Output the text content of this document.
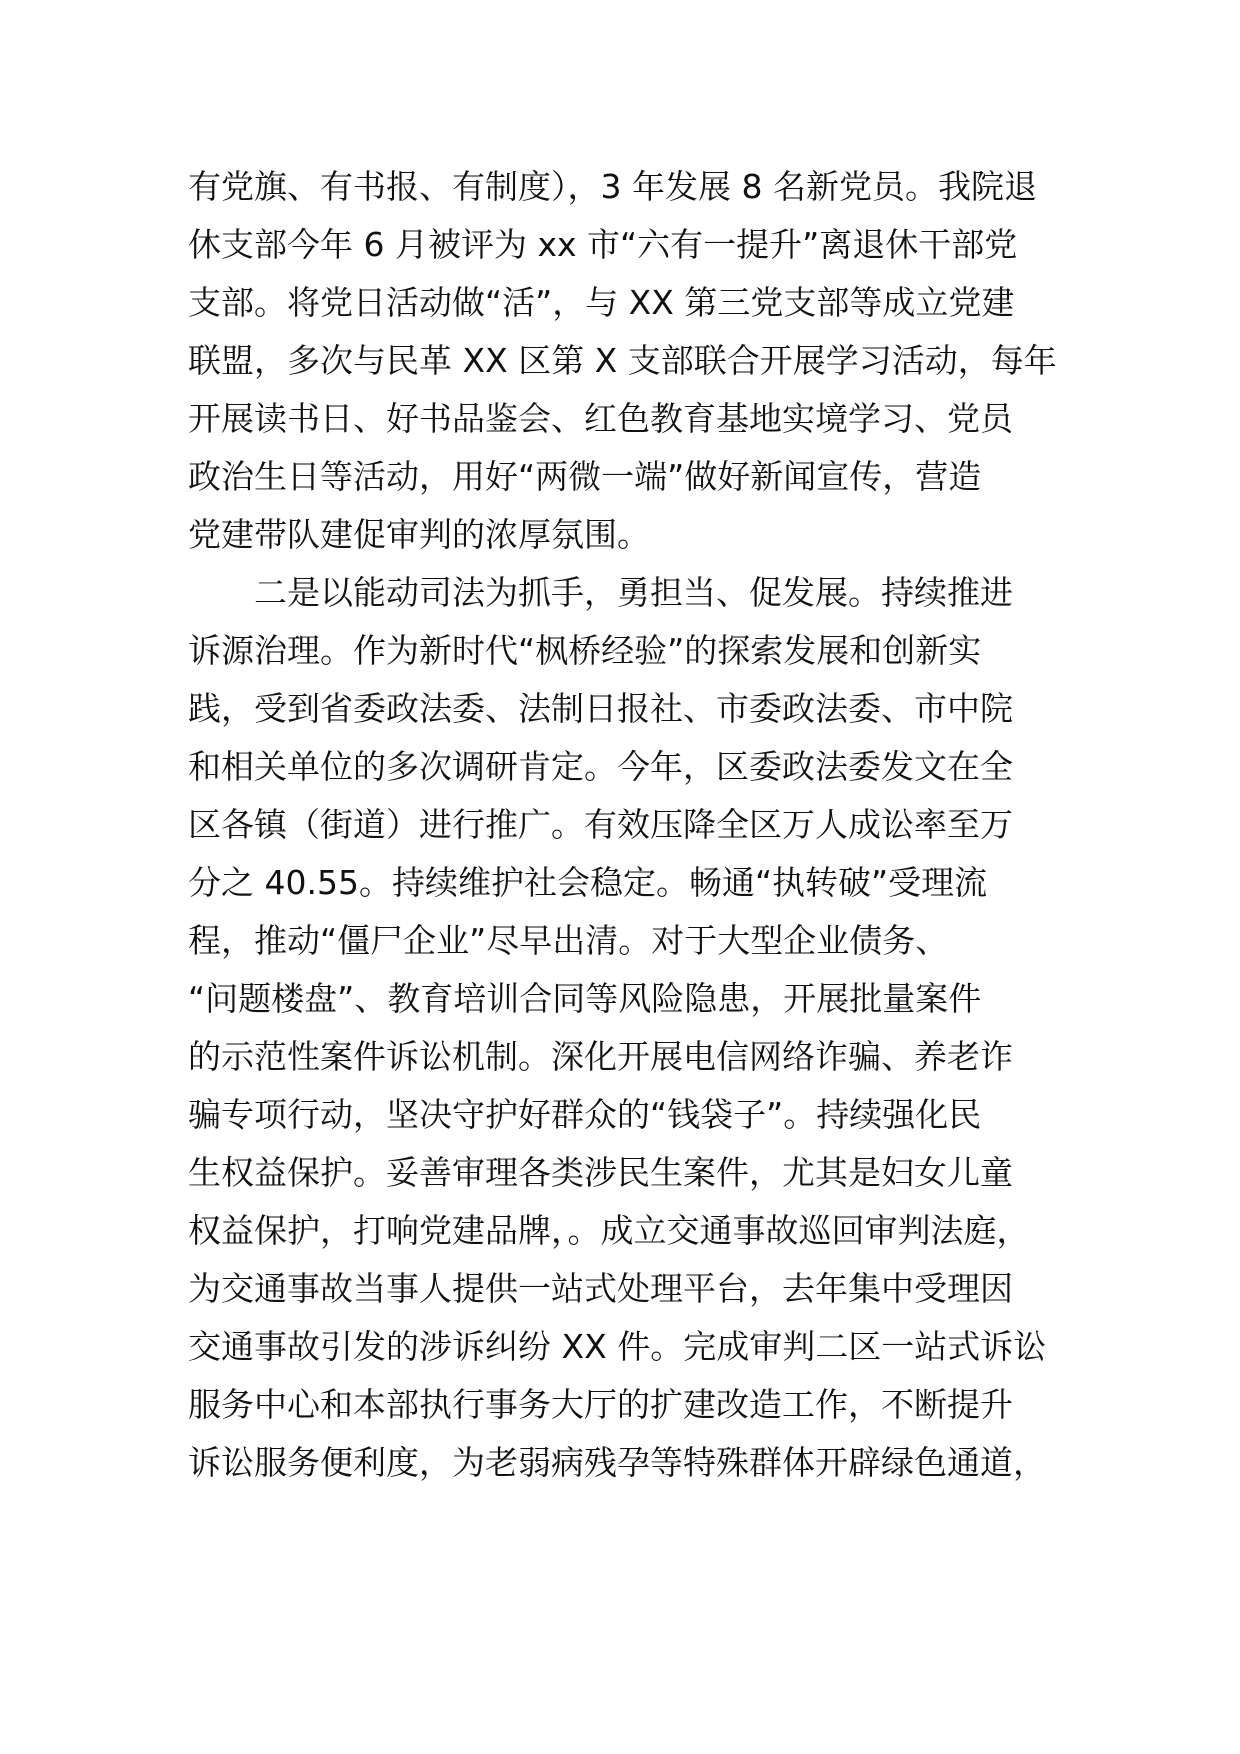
有党旗、有书报、有制度），3 年发展 8 名新党员。我院退
休支部今年 6 月被评为 xx 市“六有一提升”离退休干部党
支部。将党日活动做“活”，与 XX 第三党支部等成立党建
联盟，多次与民革 XX 区第 X 支部联合开展学习活动，每年
开展读书日、好书品鉴会、红色教育基地实境学习、党员
政治生日等活动，用好“两微一端”做好新闻宣传，营造
党建带队建促审判的浓厚氛围。
二是以能动司法为抓手，勇担当、促发展。持续推进
诉源治理。作为新时代“枫桥经验”的探索发展和创新实
践，受到省委政法委、法制日报社、市委政法委、市中院
和相关单位的多次调研肯定。今年，区委政法委发文在全
区各镇（街道）进行推广。有效压降全区万人成讼率至万
分之 40.55。持续维护社会稳定。畅通“执转破”受理流
程，推动“僵尸企业”尽早出清。对于大型企业债务、
“问题楼盘”、教育培训合同等风险隐患，开展批量案件
的示范性案件诉讼机制。深化开展电信网络诈骗、养老诈
骗专项行动，坚决守护好群众的“钱袋子”。持续强化民
生权益保护。妥善审理各类涉民生案件，尤其是妇女儿童
权益保护，打响党建品牌，。成立交通事故巡回审判法庭，
为交通事故当事人提供一站式处理平台，去年集中受理因
交通事故引发的涉诉纠纷 XX 件。完成审判二区一站式诉讼
服务中心和本部执行事务大厅的扩建改造工作，不断提升
诉讼服务便利度，为老弱病残孕等特殊群体开辟绿色通道，
